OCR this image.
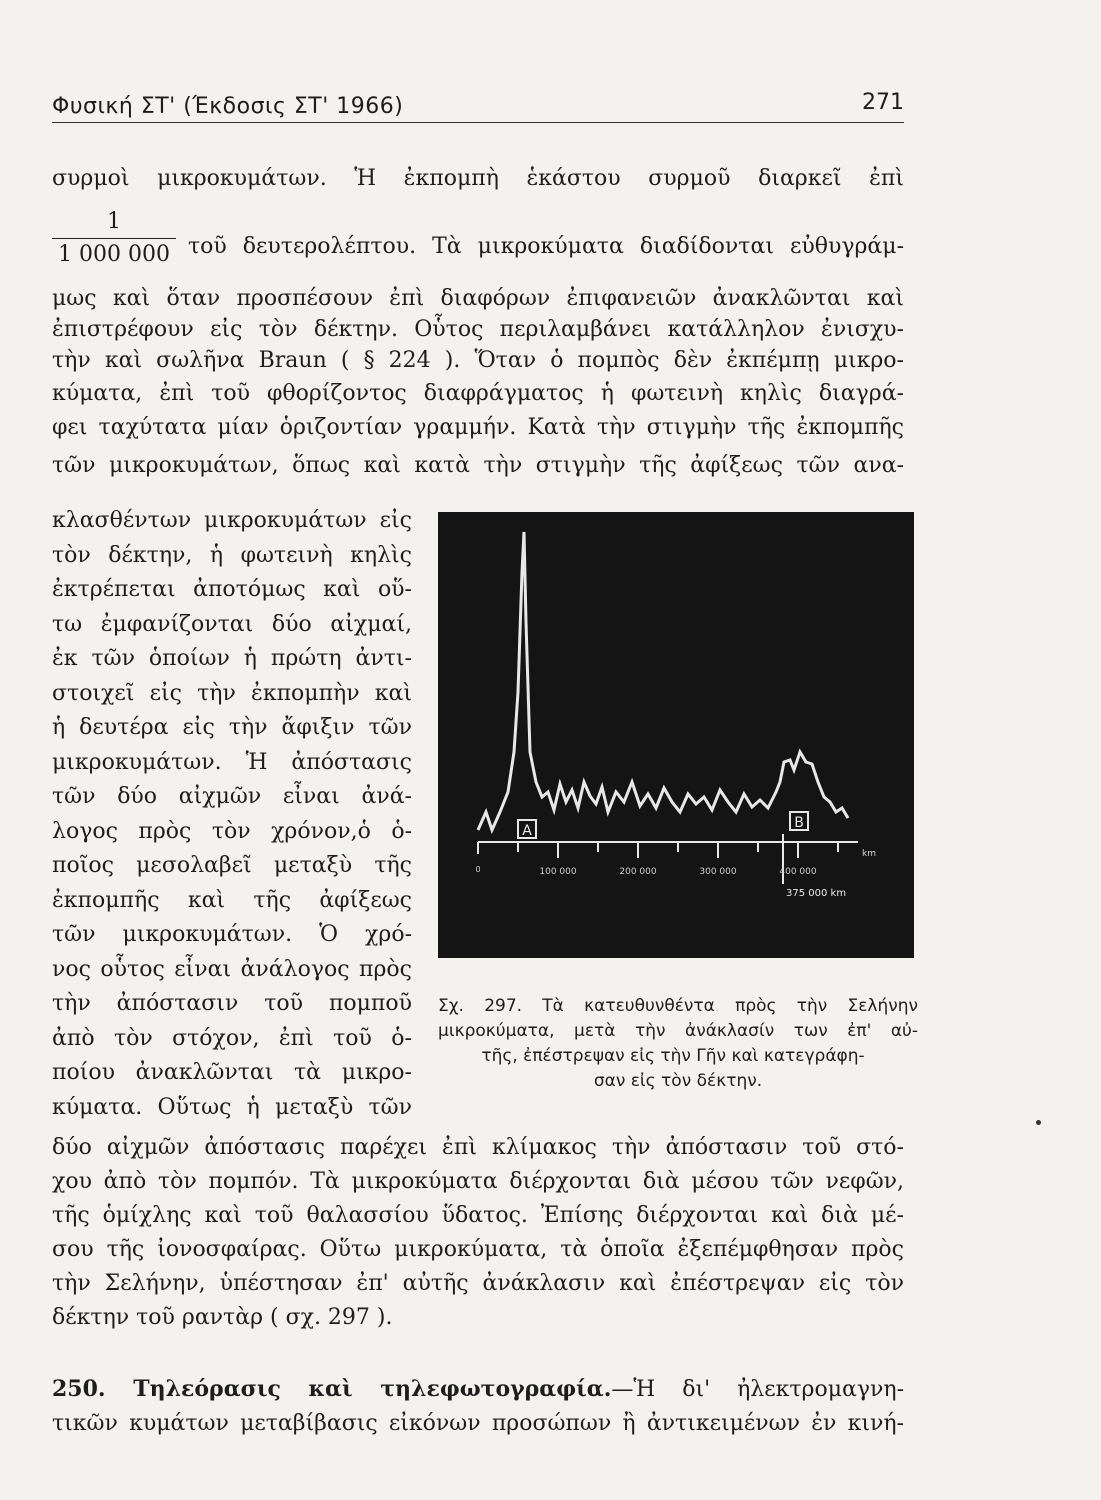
Φυσική ΣΤ' (Έκδοσις ΣΤ' 1966)	271
συρμοὶ μικροκυμάτων. Ἡ ἐκπομπὴ ἑκάστου συρμοῦ διαρκεῖ ἐπὶ
1
1 000 000 τοῦ δευτερολέπτου. Τὰ μικροκύματα διαδίδονται εὐθυγράμ-
μως καὶ ὅταν προσπέσουν ἐπὶ διαφόρων ἐπιφανειῶν ἀνακλῶνται καὶ
ἐπιστρέφουν εἰς τὸν δέκτην. Οὗτος περιλαμβάνει κατάλληλον ἐνισχυ-
τὴν καὶ σωλῆνα Braun ( § 224 ). Ὅταν ὁ πομπὸς δὲν ἐκπέμπῃ μικρο-
κύματα, ἐπὶ τοῦ φθορίζοντος διαφράγματος ἡ φωτεινὴ κηλὶς διαγρά-
φει ταχύτατα μίαν ὁριζοντίαν γραμμήν. Κατὰ τὴν στιγμὴν τῆς ἐκπομπῆς
τῶν μικροκυμάτων, ὅπως καὶ κατὰ τὴν στιγμὴν τῆς ἀφίξεως τῶν ανα-
κλασθέντων μικροκυμάτων εἰς
τὸν δέκτην, ἡ φωτεινὴ κηλὶς
ἐκτρέπεται ἀποτόμως καὶ οὕ-
τω ἐμφανίζονται δύο αἰχμαί,
ἐκ τῶν ὁποίων ἡ πρώτη ἀντι-
στοιχεῖ εἰς τὴν ἐκπομπὴν καὶ
ἡ δευτέρα εἰς τὴν ἄφιξιν τῶν
μικροκυμάτων. Ἡ ἀπόστασις
τῶν δύο αἰχμῶν εἶναι ἀνά-
λογος πρὸς τὸν χρόνον,ὁ ὁ-
ποῖος μεσολαβεῖ μεταξὺ τῆς
ἐκπομπῆς καὶ τῆς ἀφίξεως
τῶν μικροκυμάτων. Ὁ χρό-
νος οὗτος εἶναι ἀνάλογος πρὸς
τὴν ἀπόστασιν τοῦ πομποῦ
ἀπὸ τὸν στόχον, ἐπὶ τοῦ ὁ-
ποίου ἀνακλῶνται τὰ μικρο-
κύματα. Οὕτως ἡ μεταξὺ τῶν
A	B
0	100 000	200 000	300 000	400 000
km
375 000 km
Σχ. 297. Τὰ κατευθυνθέντα πρὸς τὴν Σελήνην
μικροκύματα, μετὰ τὴν ἀνάκλασίν των ἐπ' αὐ-
τῆς, ἐπέστρεψαν εἰς τὴν Γῆν καὶ κατεγράφη-
σαν εἰς τὸν δέκτην.
δύο αἰχμῶν ἀπόστασις παρέχει ἐπὶ κλίμακος τὴν ἀπόστασιν τοῦ στό-
χου ἀπὸ τὸν πομπόν. Τὰ μικροκύματα διέρχονται διὰ μέσου τῶν νεφῶν,
τῆς ὁμίχλης καὶ τοῦ θαλασσίου ὕδατος. Ἐπίσης διέρχονται καὶ διὰ μέ-
σου τῆς ἰονοσφαίρας. Οὕτω μικροκύματα, τὰ ὁποῖα ἐξεπέμφθησαν πρὸς
τὴν Σελήνην, ὑπέστησαν ἐπ' αὐτῆς ἀνάκλασιν καὶ ἐπέστρεψαν εἰς τὸν
δέκτην τοῦ ραντὰρ ( σχ. 297 ).
250. Τηλεόρασις καὶ τηλεφωτογραφία.—Ἡ δι' ἠλεκτρομαγνη-
τικῶν κυμάτων μεταβίβασις εἰκόνων προσώπων ἢ ἀντικειμένων ἐν κινή-
